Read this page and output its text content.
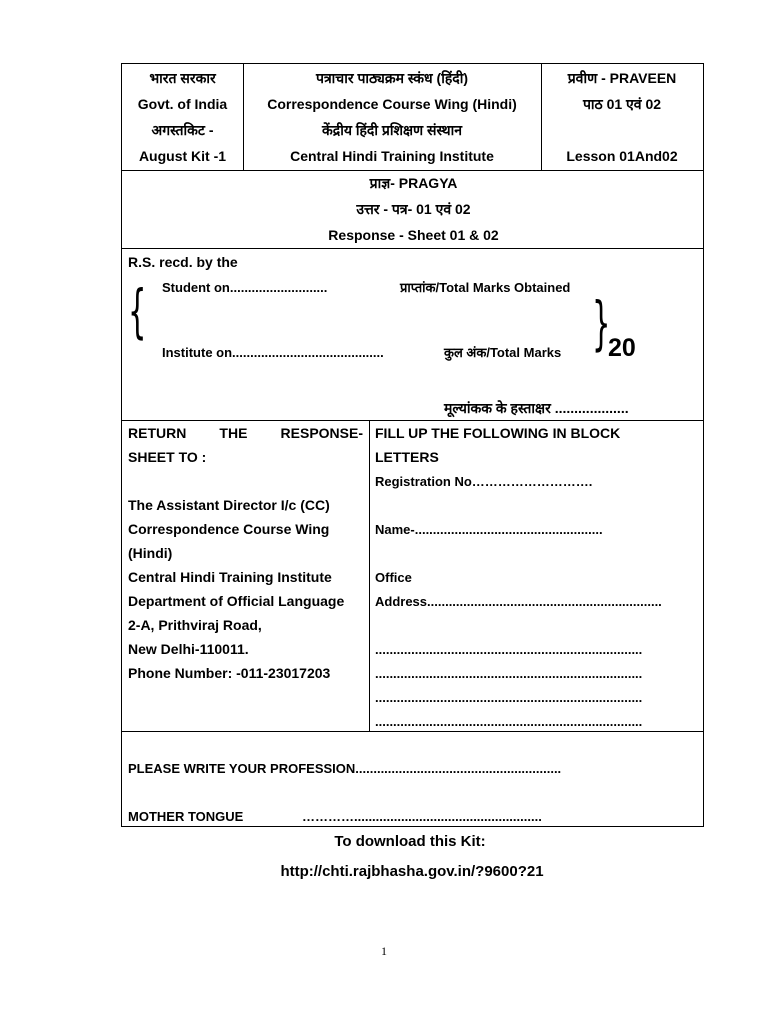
भारत सरकार
Govt. of India
अगस्तकिट -
August Kit -1
पत्राचार पाठ्यक्रम स्कंध (हिंदी)
Correspondence Course Wing (Hindi)
केंद्रीय हिंदी प्रशिक्षण संस्थान
Central Hindi Training Institute
प्रवीण - PRAVEEN
पाठ 01 एवं 02
Lesson 01And02
प्राज्ञ- PRAGYA
उत्तर - पत्र- 01 एवं 02
Response - Sheet 01 & 02
R.S. recd. by the
{ Student on...........................
Institute on..........................................
प्राप्तांक/Total Marks Obtained
}
कुल अंक/Total Marks 20
मूल्यांकक के हस्ताक्षर ...................
RETURN THE RESPONSE-
SHEET TO :
The Assistant Director I/c (CC)
Correspondence Course Wing
(Hindi)
Central Hindi Training Institute
Department of Official Language
2-A, Prithviraj Road,
New Delhi-110011.
Phone Number: -011-23017203
FILL UP THE FOLLOWING IN BLOCK
LETTERS
Registration No……………………….
Name-....................................................
Office
Address.................................................................
..........................................................................
..........................................................................
..........................................................................
..........................................................................
PLEASE WRITE YOUR PROFESSION.........................................................
MOTHER TONGUE	…………....................................................
To download this Kit:
http://chti.rajbhasha.gov.in/?9600?21
1
